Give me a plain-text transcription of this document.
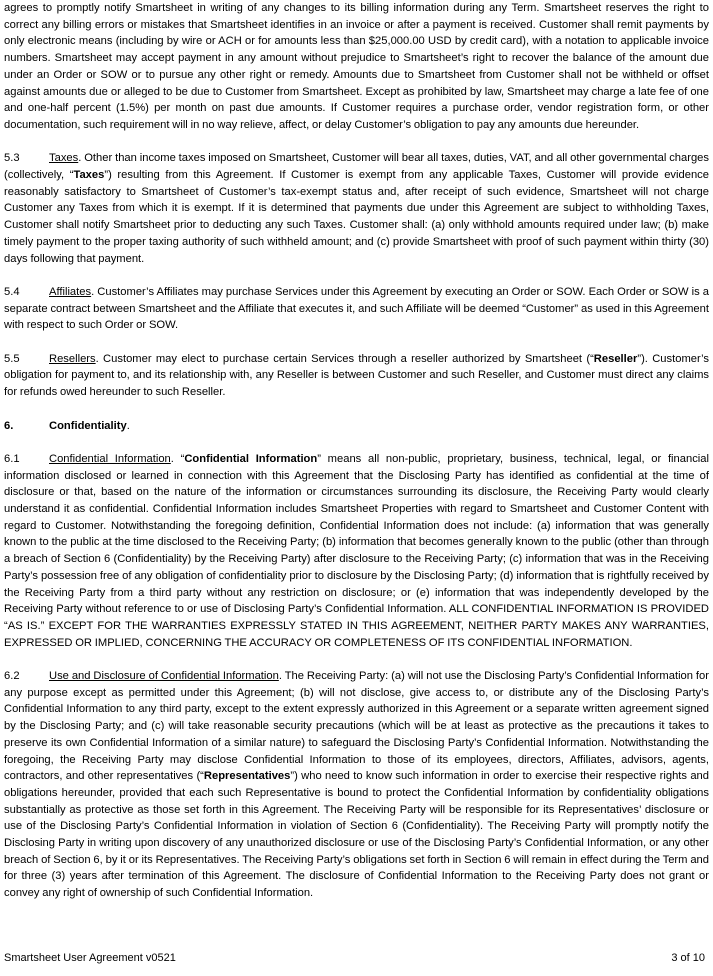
agrees to promptly notify Smartsheet in writing of any changes to its billing information during any Term. Smartsheet reserves the right to correct any billing errors or mistakes that Smartsheet identifies in an invoice or after a payment is received. Customer shall remit payments by only electronic means (including by wire or ACH or for amounts less than $25,000.00 USD by credit card), with a notation to applicable invoice numbers. Smartsheet may accept payment in any amount without prejudice to Smartsheet’s right to recover the balance of the amount due under an Order or SOW or to pursue any other right or remedy. Amounts due to Smartsheet from Customer shall not be withheld or offset against amounts due or alleged to be due to Customer from Smartsheet. Except as prohibited by law, Smartsheet may charge a late fee of one and one-half percent (1.5%) per month on past due amounts. If Customer requires a purchase order, vendor registration form, or other documentation, such requirement will in no way relieve, affect, or delay Customer’s obligation to pay any amounts due hereunder.

5.3	Taxes. Other than income taxes imposed on Smartsheet, Customer will bear all taxes, duties, VAT, and all other governmental charges (collectively, “Taxes”) resulting from this Agreement. If Customer is exempt from any applicable Taxes, Customer will provide evidence reasonably satisfactory to Smartsheet of Customer’s tax-exempt status and, after receipt of such evidence, Smartsheet will not charge Customer any Taxes from which it is exempt. If it is determined that payments due under this Agreement are subject to withholding Taxes, Customer shall notify Smartsheet prior to deducting any such Taxes. Customer shall: (a) only withhold amounts required under law; (b) make timely payment to the proper taxing authority of such withheld amount; and (c) provide Smartsheet with proof of such payment within thirty (30) days following that payment.

5.4	Affiliates. Customer’s Affiliates may purchase Services under this Agreement by executing an Order or SOW. Each Order or SOW is a separate contract between Smartsheet and the Affiliate that executes it, and such Affiliate will be deemed “Customer” as used in this Agreement with respect to such Order or SOW.

5.5	Resellers. Customer may elect to purchase certain Services through a reseller authorized by Smartsheet (“Reseller”). Customer’s obligation for payment to, and its relationship with, any Reseller is between Customer and such Reseller, and Customer must direct any claims for refunds owed hereunder to such Reseller.

6.	Confidentiality.

6.1	Confidential Information. “Confidential Information” means all non-public, proprietary, business, technical, legal, or financial information disclosed or learned in connection with this Agreement that the Disclosing Party has identified as confidential at the time of disclosure or that, based on the nature of the information or circumstances surrounding its disclosure, the Receiving Party would clearly understand it as confidential. Confidential Information includes Smartsheet Properties with regard to Smartsheet and Customer Content with regard to Customer. Notwithstanding the foregoing definition, Confidential Information does not include: (a) information that was generally known to the public at the time disclosed to the Receiving Party; (b) information that becomes generally known to the public (other than through a breach of Section 6 (Confidentiality) by the Receiving Party) after disclosure to the Receiving Party; (c) information that was in the Receiving Party’s possession free of any obligation of confidentiality prior to disclosure by the Disclosing Party; (d) information that is rightfully received by the Receiving Party from a third party without any restriction on disclosure; or (e) information that was independently developed by the Receiving Party without reference to or use of Disclosing Party’s Confidential Information. ALL CONFIDENTIAL INFORMATION IS PROVIDED “AS IS.” EXCEPT FOR THE WARRANTIES EXPRESSLY STATED IN THIS AGREEMENT, NEITHER PARTY MAKES ANY WARRANTIES, EXPRESSED OR IMPLIED, CONCERNING THE ACCURACY OR COMPLETENESS OF ITS CONFIDENTIAL INFORMATION.

6.2	Use and Disclosure of Confidential Information. The Receiving Party: (a) will not use the Disclosing Party’s Confidential Information for any purpose except as permitted under this Agreement; (b) will not disclose, give access to, or distribute any of the Disclosing Party’s Confidential Information to any third party, except to the extent expressly authorized in this Agreement or a separate written agreement signed by the Disclosing Party; and (c) will take reasonable security precautions (which will be at least as protective as the precautions it takes to preserve its own Confidential Information of a similar nature) to safeguard the Disclosing Party’s Confidential Information. Notwithstanding the foregoing, the Receiving Party may disclose Confidential Information to those of its employees, directors, Affiliates, advisors, agents, contractors, and other representatives (“Representatives”) who need to know such information in order to exercise their respective rights and obligations hereunder, provided that each such Representative is bound to protect the Confidential Information by confidentiality obligations substantially as protective as those set forth in this Agreement. The Receiving Party will be responsible for its Representatives’ disclosure or use of the Disclosing Party’s Confidential Information in violation of Section 6 (Confidentiality). The Receiving Party will promptly notify the Disclosing Party in writing upon discovery of any unauthorized disclosure or use of the Disclosing Party’s Confidential Information, or any other breach of Section 6, by it or its Representatives. The Receiving Party’s obligations set forth in Section 6 will remain in effect during the Term and for three (3) years after termination of this Agreement. The disclosure of Confidential Information to the Receiving Party does not grant or convey any right of ownership of such Confidential Information.

Smartsheet User Agreement v0521	3 of 10
